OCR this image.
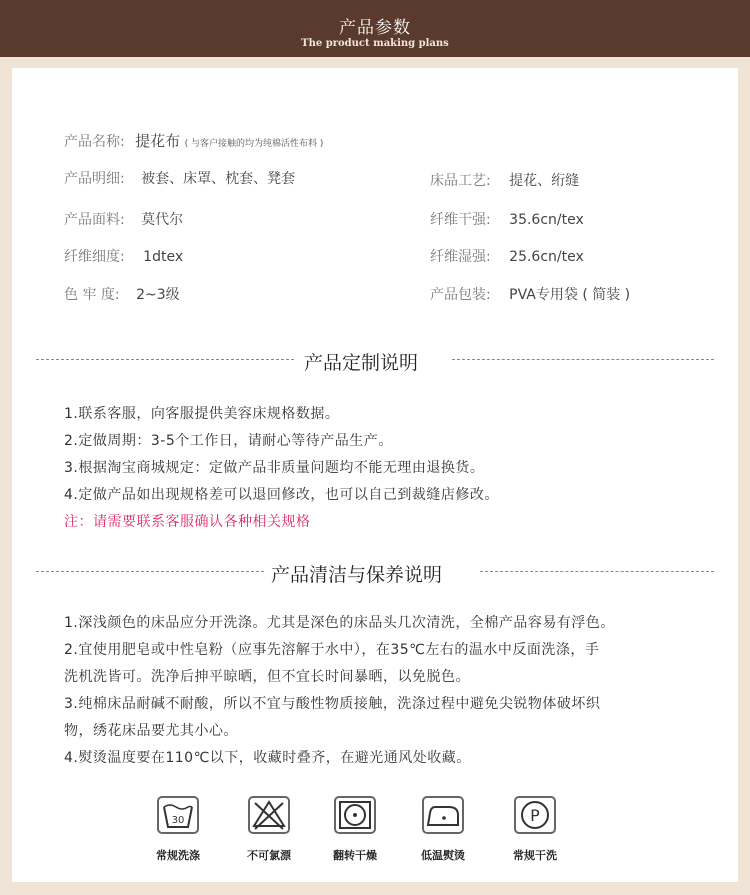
产品参数
The product making plans
产品名称: 提花布 ( 与客户接触的均为纯棉活性布料 )
产品明细: 被套、床罩、枕套、凳套	床品工艺: 提花、绗缝
产品面料: 莫代尔	纤维干强: 35.6cn/tex
纤维细度: 1dtex	纤维湿强: 25.6cn/tex
色 牢 度: 2~3级	产品包装: PVA专用袋 ( 简装 )
产品定制说明
1.联系客服，向客服提供美容床规格数据。
2.定做周期：3-5个工作日，请耐心等待产品生产。
3.根据淘宝商城规定：定做产品非质量问题均不能无理由退换货。
4.定做产品如出现规格差可以退回修改，也可以自己到裁缝店修改。
注：请需要联系客服确认各种相关规格
产品清洁与保养说明
1.深浅颜色的床品应分开洗涤。尤其是深色的床品头几次清洗，全棉产品容易有浮色。
2.宜使用肥皂或中性皂粉（应事先溶解于水中），在35℃左右的温水中反面洗涤，手
洗机洗皆可。洗净后抻平晾晒，但不宜长时间暴晒，以免脱色。
3.纯棉床品耐碱不耐酸，所以不宜与酸性物质接触，洗涤过程中避免尖锐物体破坏织
物，绣花床品要尤其小心。
4.熨烫温度要在110℃以下，收藏时叠齐，在避光通风处收藏。
30
常规洗涤	不可氯漂	翻转干燥	低温熨烫
P
常规干洗
